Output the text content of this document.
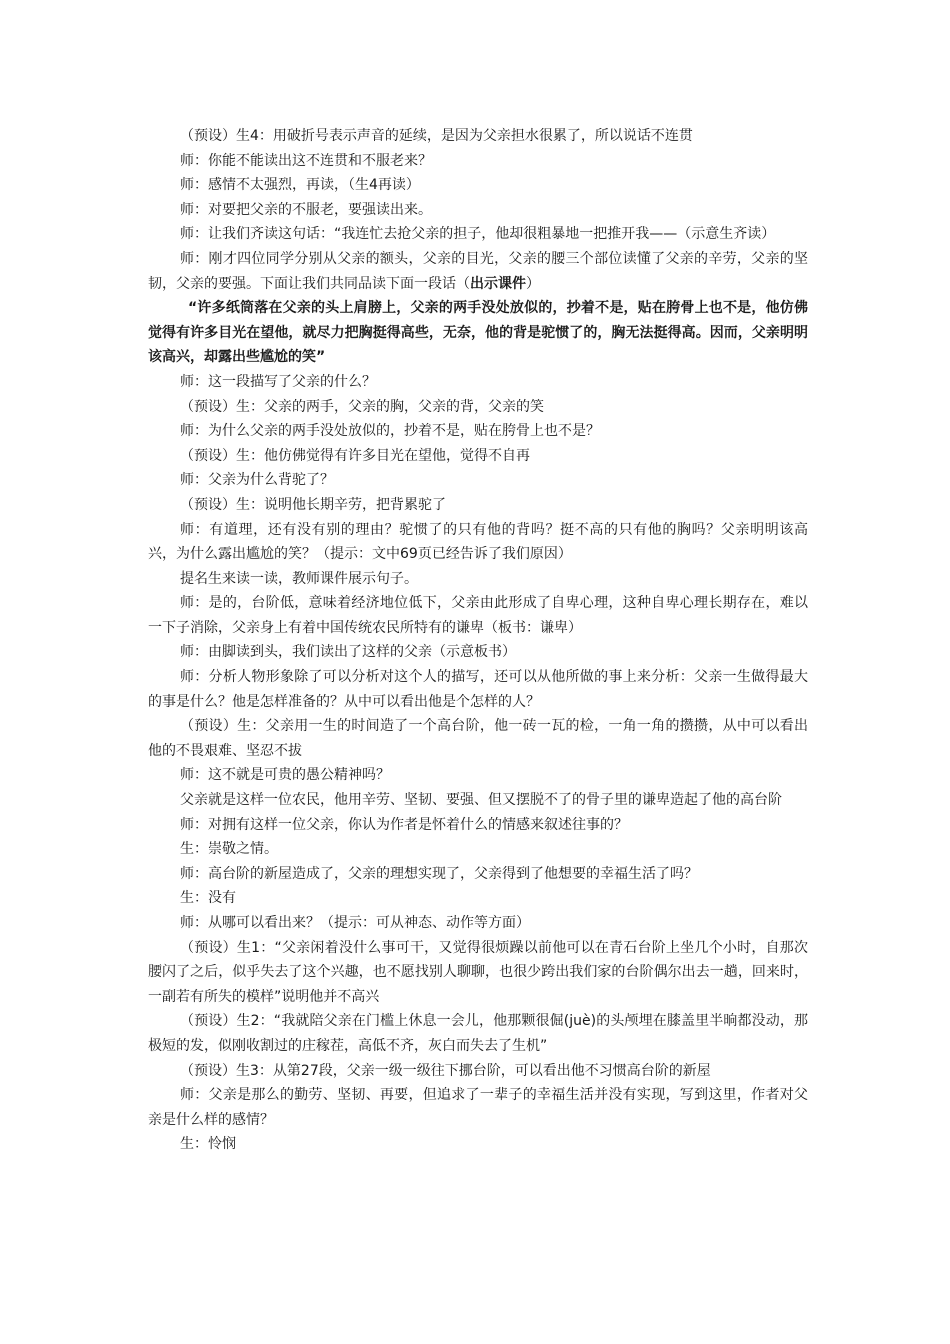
（预设）生4：用破折号表示声音的延续，是因为父亲担水很累了，所以说话不连贯

师：你能不能读出这不连贯和不服老来？

师：感情不太强烈，再读，（生4再读）

师：对要把父亲的不服老，要强读出来。

师：让我们齐读这句话：“我连忙去抢父亲的担子，他却很粗暴地一把推开我——（示意生齐读）

师：刚才四位同学分别从父亲的额头，父亲的目光，父亲的腰三个部位读懂了父亲的辛劳，父亲的坚韧，父亲的要强。下面让我们共同品读下面一段话（出示课件）

“许多纸筒落在父亲的头上肩膀上，父亲的两手没处放似的，抄着不是，贴在胯骨上也不是，他仿佛觉得有许多目光在望他，就尽力把胸挺得高些，无奈，他的背是驼惯了的，胸无法挺得高。因而，父亲明明该高兴，却露出些尴尬的笑”

师：这一段描写了父亲的什么？

（预设）生：父亲的两手，父亲的胸，父亲的背，父亲的笑

师：为什么父亲的两手没处放似的，抄着不是，贴在胯骨上也不是？

（预设）生：他仿佛觉得有许多目光在望他，觉得不自再

师：父亲为什么背驼了？

（预设）生：说明他长期辛劳，把背累驼了

师：有道理，还有没有别的理由？驼惯了的只有他的背吗？挺不高的只有他的胸吗？父亲明明该高兴，为什么露出尴尬的笑？（提示：文中69页已经告诉了我们原因）

提名生来读一读，教师课件展示句子。

师：是的，台阶低，意味着经济地位低下，父亲由此形成了自卑心理，这种自卑心理长期存在，难以一下子消除，父亲身上有着中国传统农民所特有的谦卑（板书：谦卑）

师：由脚读到头，我们读出了这样的父亲（示意板书）

师：分析人物形象除了可以分析对这个人的描写，还可以从他所做的事上来分析：父亲一生做得最大的事是什么？他是怎样准备的？从中可以看出他是个怎样的人？

（预设）生：父亲用一生的时间造了一个高台阶，他一砖一瓦的检，一角一角的攒攒，从中可以看出他的不畏艰难、坚忍不拔

师：这不就是可贵的愚公精神吗？

父亲就是这样一位农民，他用辛劳、坚韧、要强、但又摆脱不了的骨子里的谦卑造起了他的高台阶

师：对拥有这样一位父亲，你认为作者是怀着什么的情感来叙述往事的？

生：崇敬之情。

师：高台阶的新屋造成了，父亲的理想实现了，父亲得到了他想要的幸福生活了吗？

生：没有

师：从哪可以看出来？（提示：可从神态、动作等方面）

（预设）生1：“父亲闲着没什么事可干，又觉得很烦躁以前他可以在青石台阶上坐几个小时，自那次腰闪了之后，似乎失去了这个兴趣，也不愿找别人聊聊，也很少跨出我们家的台阶偶尔出去一趟，回来时，一副若有所失的模样”说明他并不高兴

（预设）生2：“我就陪父亲在门槛上休息一会儿，他那颗很倔(juè)的头颅埋在膝盖里半晌都没动，那极短的发，似刚收割过的庄稼茬，高低不齐，灰白而失去了生机”

（预设）生3：从第27段，父亲一级一级往下挪台阶，可以看出他不习惯高台阶的新屋

师：父亲是那么的勤劳、坚韧、再要，但追求了一辈子的幸福生活并没有实现，写到这里，作者对父亲是什么样的感情？

生：怜悯
